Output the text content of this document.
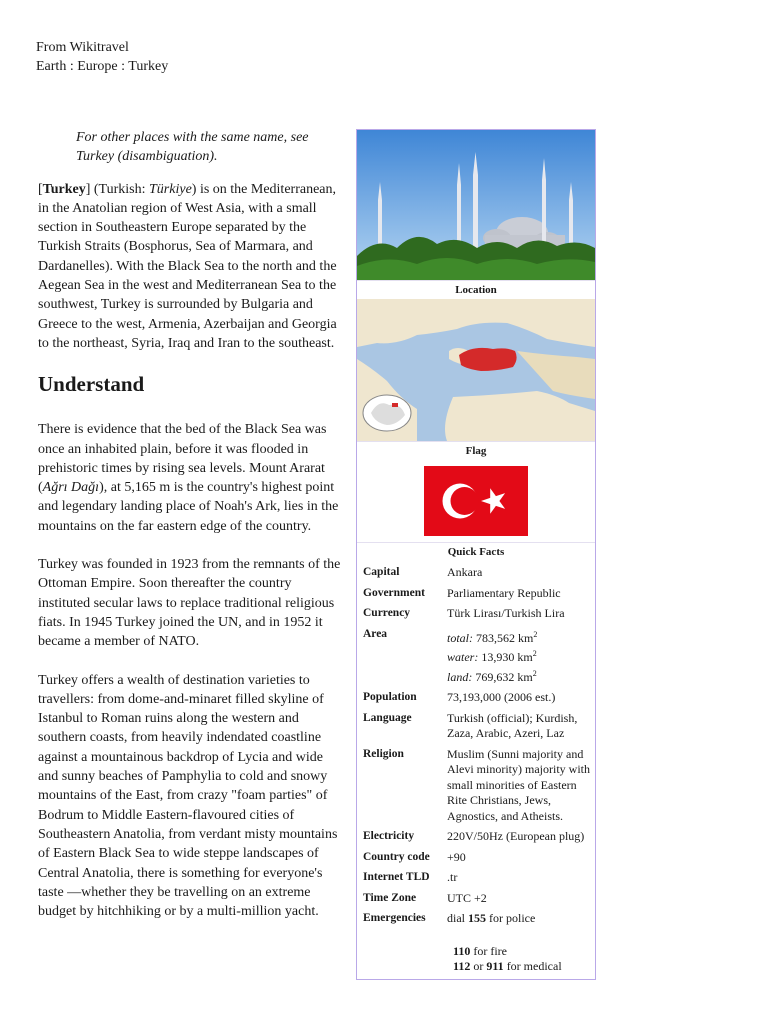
From Wikitravel
Earth : Europe : Turkey

For other places with the same name, see Turkey (disambiguation).

[Turkey] (Turkish: Türkiye) is on the Mediterranean, in the Anatolian region of West Asia, with a small section in Southeastern Europe separated by the Turkish Straits (Bosphorus, Sea of Marmara, and Dardanelles). With the Black Sea to the north and the Aegean Sea in the west and Mediterranean Sea to the southwest, Turkey is surrounded by Bulgaria and Greece to the west, Armenia, Azerbaijan and Georgia to the northeast, Syria, Iraq and Iran to the southeast.

Understand

There is evidence that the bed of the Black Sea was once an inhabited plain, before it was flooded in prehistoric times by rising sea levels. Mount Ararat (Ağrı Dağı), at 5,165 m is the country's highest point and legendary landing place of Noah's Ark, lies in the mountains on the far eastern edge of the country.

Turkey was founded in 1923 from the remnants of the Ottoman Empire. Soon thereafter the country instituted secular laws to replace traditional religious fiats. In 1945 Turkey joined the UN, and in 1952 it became a member of NATO.

Turkey offers a wealth of destination varieties to travellers: from dome-and-minaret filled skyline of Istanbul to Roman ruins along the western and southern coasts, from heavily indendated coastline against a mountainous backdrop of Lycia and wide and sunny beaches of Pamphylia to cold and snowy mountains of the East, from crazy "foam parties" of Bodrum to Middle Eastern-flavoured cities of Southeastern Anatolia, from verdant misty mountains of Eastern Black Sea to wide steppe landscapes of Central Anatolia, there is something for everyone's taste —whether they be travelling on an extreme budget by hitchhiking or by a multi-million yacht.

Location
Flag
Quick Facts
Capital	Ankara
Government	Parliamentary Republic
Currency	Türk Lirası/Turkish Lira
Area	total: 783,562 $km^2$
water: 13,930 $km^2$
land: 769,632 $km^2$

Population	73,193,000 (2006 est.)
Language	Turkish (official); Kurdish, Zaza, Arabic, Azeri, Laz
Religion	Muslim (Sunni majority and Alevi minority) majority with small minorities of Eastern Rite Christians, Jews, Agnostics, and Atheists.
Electricity	220V/50Hz (European plug)
Country code	+90
Internet TLD	.tr
Time Zone	UTC +2
Emergencies	dial 155 for police
110 for fire
112 or 911 for medical
